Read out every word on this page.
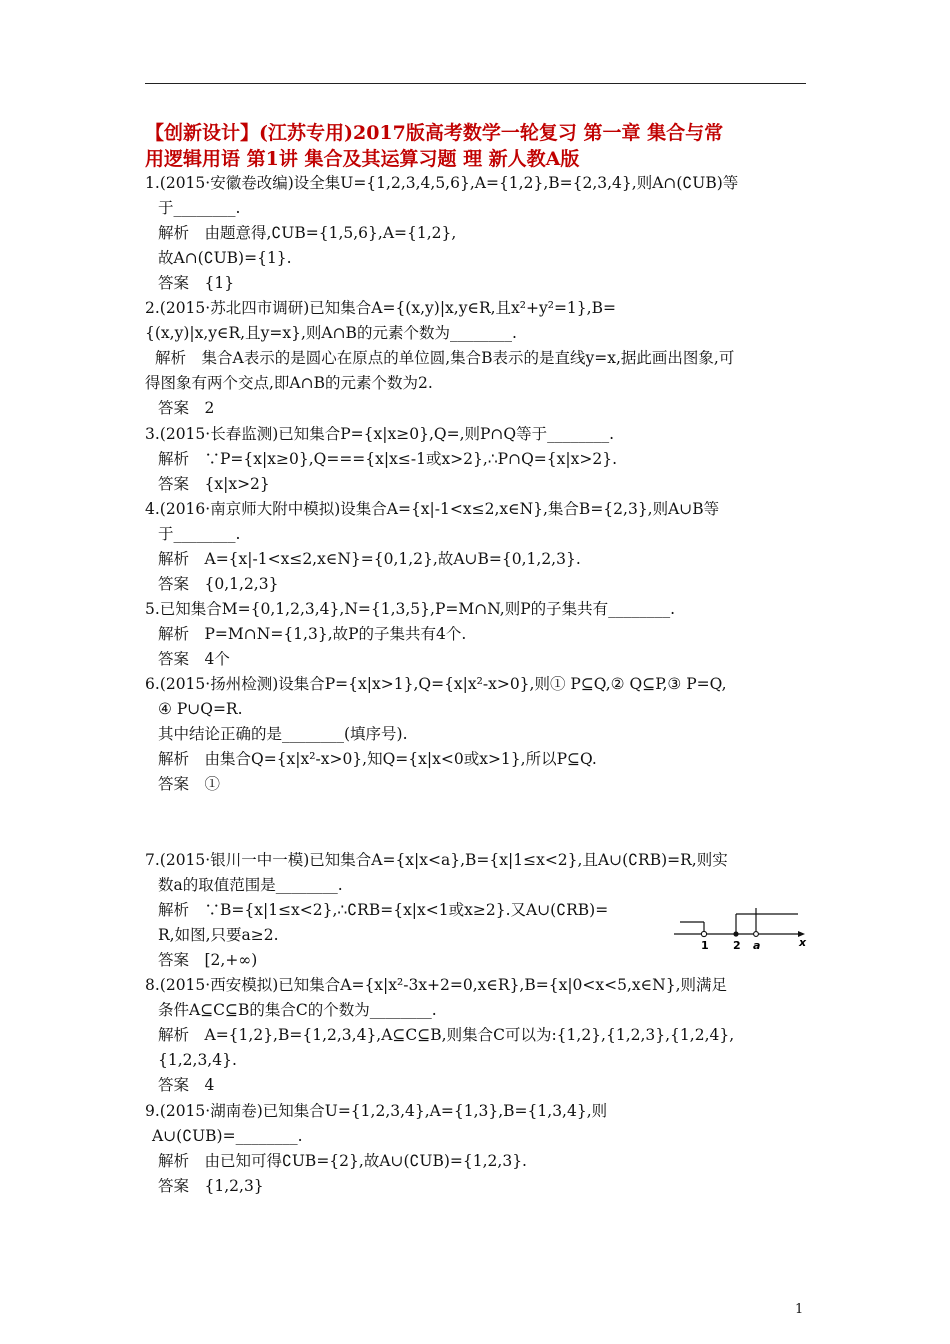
【创新设计】(江苏专用)2017版高考数学一轮复习 第一章 集合与常
用逻辑用语 第1讲 集合及其运算习题 理 新人教A版
1.(2015·安徽卷改编)设全集U={1,2,3,4,5,6},A={1,2},B={2,3,4},则A∩(∁UB)等
于________.
解析　由题意得,∁UB={1,5,6},A={1,2},
故A∩(∁UB)={1}.
答案　{1}
2.(2015·苏北四市调研)已知集合A={(x,y)|x,y∈R,且x²+y²=1},B=
{(x,y)|x,y∈R,且y=x},则A∩B的元素个数为________.
解析　集合A表示的是圆心在原点的单位圆,集合B表示的是直线y=x,据此画出图象,可
得图象有两个交点,即A∩B的元素个数为2.
答案　2
3.(2015·长春监测)已知集合P={x|x≥0},Q=,则P∩Q等于________.
解析　∵P={x|x≥0},Q==={x|x≤-1或x>2},∴P∩Q={x|x>2}.
答案　{x|x>2}
4.(2016·南京师大附中模拟)设集合A={x|-1<x≤2,x∈N},集合B={2,3},则A∪B等
于________.
解析　A={x|-1<x≤2,x∈N}={0,1,2},故A∪B={0,1,2,3}.
答案　{0,1,2,3}
5.已知集合M={0,1,2,3,4},N={1,3,5},P=M∩N,则P的子集共有________.
解析　P=M∩N={1,3},故P的子集共有4个.
答案　4个
6.(2015·扬州检测)设集合P={x|x>1},Q={x|x²-x>0},则① P⊆Q,② Q⊆P,③ P=Q,
④ P∪Q=R.
其中结论正确的是________(填序号).
解析　由集合Q={x|x²-x>0},知Q={x|x<0或x>1},所以P⊆Q.
答案　①
7.(2015·银川一中一模)已知集合A={x|x<a},B={x|1≤x<2},且A∪(∁RB)=R,则实
数a的取值范围是________.
解析　∵B={x|1≤x<2},∴∁RB={x|x<1或x≥2}.又A∪(∁RB)=
R,如图,只要a≥2.
答案　[2,+∞)
8.(2015·西安模拟)已知集合A={x|x²-3x+2=0,x∈R},B={x|0<x<5,x∈N},则满足
条件A⊆C⊆B的集合C的个数为________.
解析　A={1,2},B={1,2,3,4},A⊆C⊆B,则集合C可以为:{1,2},{1,2,3},{1,2,4},
{1,2,3,4}.
答案　4
9.(2015·湖南卷)已知集合U={1,2,3,4},A={1,3},B={1,3,4},则
A∪(∁UB)=________.
解析　由已知可得∁UB={2},故A∪(∁UB)={1,2,3}.
答案　{1,2,3}
1 2 a	x
1
